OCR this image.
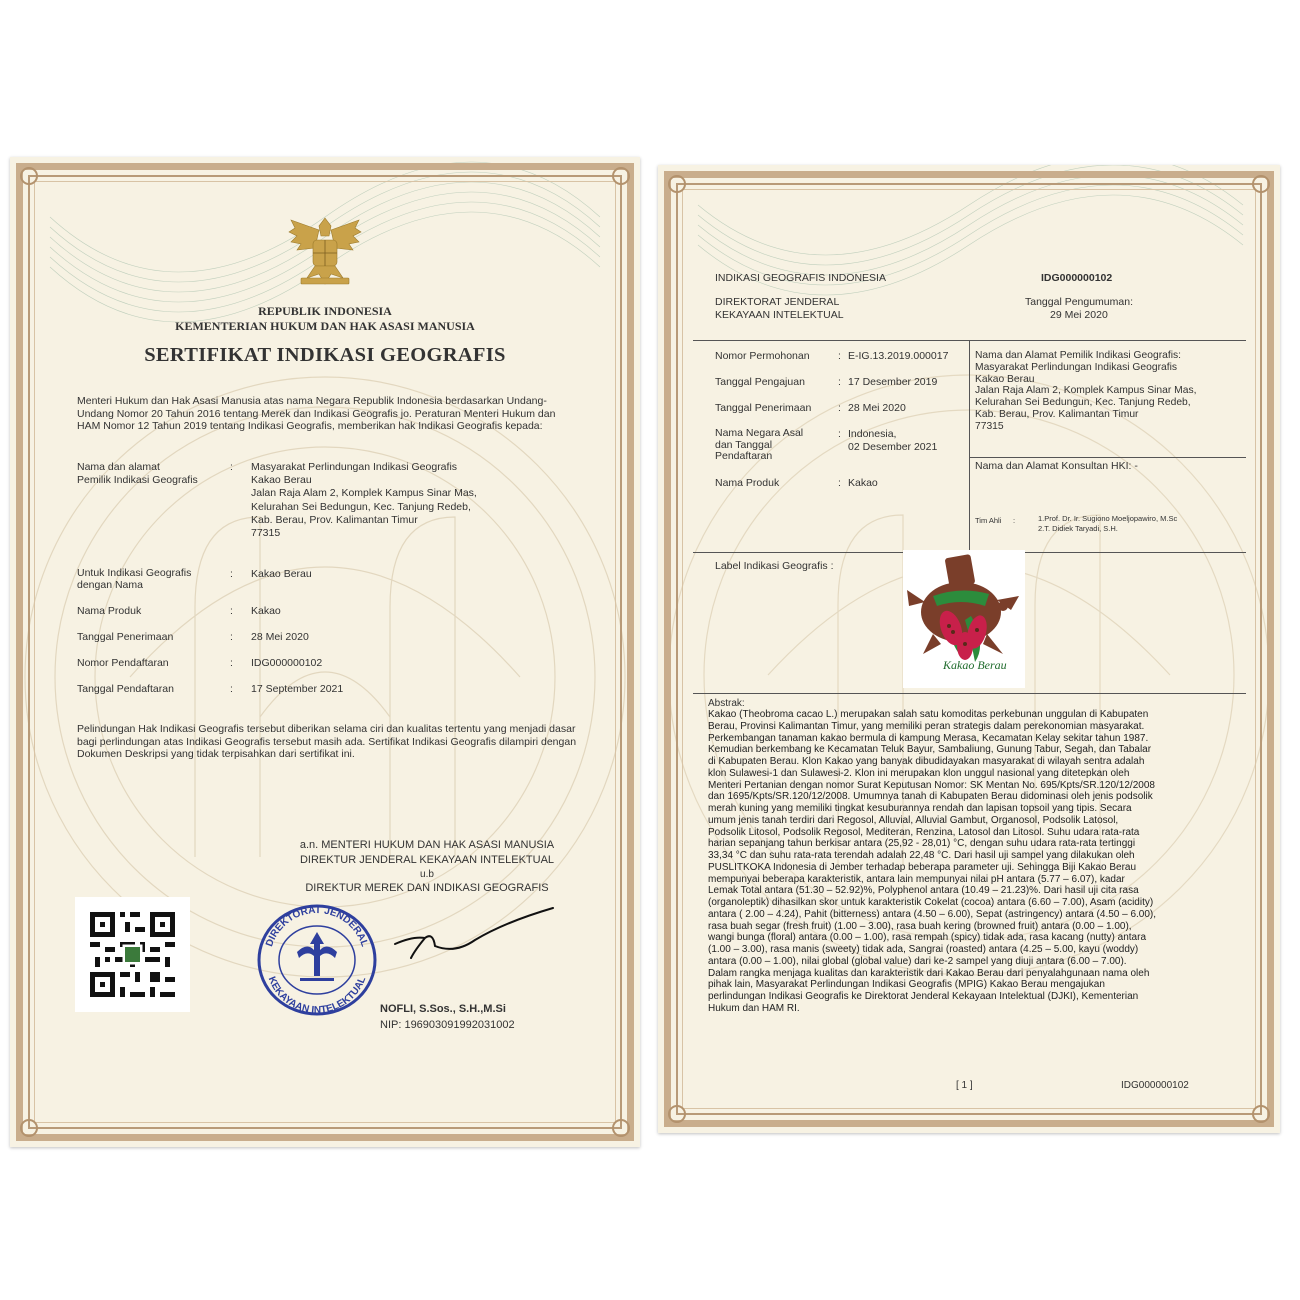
REPUBLIK INDONESIA
KEMENTERIAN HUKUM DAN HAK ASASI MANUSIA
SERTIFIKAT INDIKASI GEOGRAFIS
Menteri Hukum dan Hak Asasi Manusia atas nama Negara Republik Indonesia berdasarkan Undang-Undang Nomor 20 Tahun 2016 tentang Merek dan Indikasi Geografis jo. Peraturan Menteri Hukum dan HAM Nomor 12 Tahun 2019 tentang Indikasi Geografis, memberikan hak Indikasi Geografis kepada:
Nama dan alamat
Pemilik Indikasi Geografis
: Masyarakat Perlindungan Indikasi Geografis
Kakao Berau
Jalan Raja Alam 2, Komplek Kampus Sinar Mas,
Kelurahan Sei Bedungun, Kec. Tanjung Redeb,
Kab. Berau, Prov. Kalimantan Timur
77315
Untuk Indikasi Geografis
dengan Nama
: Kakao Berau
Nama Produk	: Kakao
Tanggal Penerimaan	: 28 Mei 2020
Nomor Pendaftaran	: IDG000000102
Tanggal Pendaftaran	: 17 September 2021
Pelindungan Hak Indikasi Geografis tersebut diberikan selama ciri dan kualitas tertentu yang menjadi dasar bagi perlindungan atas Indikasi Geografis tersebut masih ada. Sertifikat Indikasi Geografis dilampiri dengan Dokumen Deskripsi yang tidak terpisahkan dari sertifikat ini.
a.n. MENTERI HUKUM DAN HAK ASASI MANUSIA
DIREKTUR JENDERAL KEKAYAAN INTELEKTUAL
u.b
DIREKTUR MEREK DAN INDIKASI GEOGRAFIS
DIREKTORAT JENDERAL
KEKAYAAN INTELEKTUAL
NOFLI, S.Sos., S.H.,M.Si
NIP: 196903091992031002
INDIKASI GEOGRAFIS INDONESIA	IDG000000102
DIREKTORAT JENDERAL
KEKAYAAN INTELEKTUAL
Tanggal Pengumuman:
29 Mei 2020
Nomor Permohonan	: E-IG.13.2019.000017
Tanggal Pengajuan	: 17 Desember 2019
Tanggal Penerimaan	: 28 Mei 2020
Nama Negara Asal
dan Tanggal
Pendaftaran
: Indonesia,
02 Desember 2021
Nama Produk	: Kakao
Nama dan Alamat Pemilik Indikasi Geografis:
Masyarakat Perlindungan Indikasi Geografis
Kakao Berau
Jalan Raja Alam 2, Komplek Kampus Sinar Mas,
Kelurahan Sei Bedungun, Kec. Tanjung Redeb,
Kab. Berau, Prov. Kalimantan Timur
77315
Nama dan Alamat Konsultan HKI: -
Tim Ahli :	1.Prof. Dr. Ir. Sugiono Moeljopawiro, M.Sc
2.T. Didiek Taryadi, S.H.
Label Indikasi Geografis :
Kakao Berau
Abstrak:
Kakao (Theobroma cacao L.) merupakan salah satu komoditas perkebunan unggulan di Kabupaten
Berau, Provinsi Kalimantan Timur, yang memiliki peran strategis dalam perekonomian masyarakat.
Perkembangan tanaman kakao bermula di kampung Merasa, Kecamatan Kelay sekitar tahun 1987.
Kemudian berkembang ke Kecamatan Teluk Bayur, Sambaliung, Gunung Tabur, Segah, dan Tabalar
di Kabupaten Berau. Klon Kakao yang banyak dibudidayakan masyarakat di wilayah sentra adalah
klon Sulawesi-1 dan Sulawesi-2. Klon ini merupakan klon unggul nasional yang ditetepkan oleh
Menteri Pertanian dengan nomor Surat Keputusan Nomor: SK Mentan No. 695/Kpts/SR.120/12/2008
dan 1695/Kpts/SR.120/12/2008. Umumnya tanah di Kabupaten Berau didominasi oleh jenis podsolik
merah kuning yang memiliki tingkat kesuburannya rendah dan lapisan topsoil yang tipis. Secara
umum jenis tanah terdiri dari Regosol, Alluvial, Alluvial Gambut, Organosol, Podsolik Latosol,
Podsolik Litosol, Podsolik Regosol, Mediteran, Renzina, Latosol dan Litosol. Suhu udara rata-rata
harian sepanjang tahun berkisar antara (25,92 - 28,01) °C, dengan suhu udara rata-rata tertinggi
33,34 °C dan suhu rata-rata terendah adalah 22,48 °C. Dari hasil uji sampel yang dilakukan oleh
PUSLITKOKA Indonesia di Jember terhadap beberapa parameter uji. Sehingga Biji Kakao Berau
mempunyai beberapa karakteristik, antara lain mempunyai nilai pH antara (5.77 – 6.07), kadar
Lemak Total antara (51.30 – 52.92)%, Polyphenol antara (10.49 – 21.23)%. Dari hasil uji cita rasa
(organoleptik) dihasilkan skor untuk karakteristik Cokelat (cocoa) antara (6.60 – 7.00), Asam (acidity)
antara ( 2.00 – 4.24), Pahit (bitterness) antara (4.50 – 6.00), Sepat (astringency) antara (4.50 – 6.00),
rasa buah segar (fresh fruit) (1.00 – 3.00), rasa buah kering (browned fruit) antara (0.00 – 1.00),
wangi bunga (floral) antara (0.00 – 1.00), rasa rempah (spicy) tidak ada, rasa kacang (nutty) antara
(1.00 – 3.00), rasa manis (sweety) tidak ada, Sangrai (roasted) antara (4.25 – 5.00, kayu (woddy)
antara (0.00 – 1.00), nilai global (global value) dari ke-2 sampel yang diuji antara (6.00 – 7.00).
Dalam rangka menjaga kualitas dan karakteristik dari Kakao Berau dari penyalahgunaan nama oleh
pihak lain, Masyarakat Perlindungan Indikasi Geografis (MPIG) Kakao Berau mengajukan
perlindungan Indikasi Geografis ke Direktorat Jenderal Kekayaan Intelektual (DJKI), Kementerian
Hukum dan HAM RI.
[ 1 ]	IDG000000102
